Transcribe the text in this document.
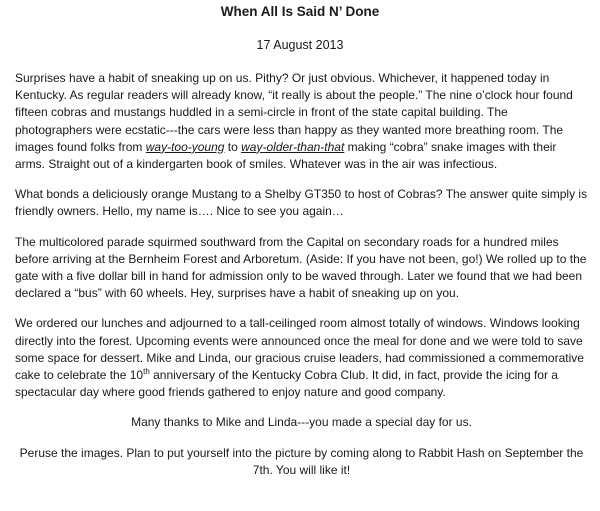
When All Is Said N’ Done
17 August 2013

Surprises have a habit of sneaking up on us. Pithy? Or just obvious. Whichever, it happened today in Kentucky. As regular readers will already know, “it really is about the people.” The nine o’clock hour found fifteen cobras and mustangs huddled in a semi-circle in front of the state capital building. The photographers were ecstatic---the cars were less than happy as they wanted more breathing room. The images found folks from way-too-young to way-older-than-that making “cobra” snake images with their arms. Straight out of a kindergarten book of smiles. Whatever was in the air was infectious.

What bonds a deliciously orange Mustang to a Shelby GT350 to host of Cobras? The answer quite simply is friendly owners. Hello, my name is…. Nice to see you again…

The multicolored parade squirmed southward from the Capital on secondary roads for a hundred miles before arriving at the Bernheim Forest and Arboretum. (Aside: If you have not been, go!) We rolled up to the gate with a five dollar bill in hand for admission only to be waved through. Later we found that we had been declared a “bus” with 60 wheels. Hey, surprises have a habit of sneaking up on you.

We ordered our lunches and adjourned to a tall-ceilinged room almost totally of windows. Windows looking directly into the forest. Upcoming events were announced once the meal for done and we were told to save some space for dessert. Mike and Linda, our gracious cruise leaders, had commissioned a commemorative cake to celebrate the 10th anniversary of the Kentucky Cobra Club. It did, in fact, provide the icing for a spectacular day where good friends gathered to enjoy nature and good company.

Many thanks to Mike and Linda---you made a special day for us.

Peruse the images. Plan to put yourself into the picture by coming along to Rabbit Hash on September the 7th. You will like it!
